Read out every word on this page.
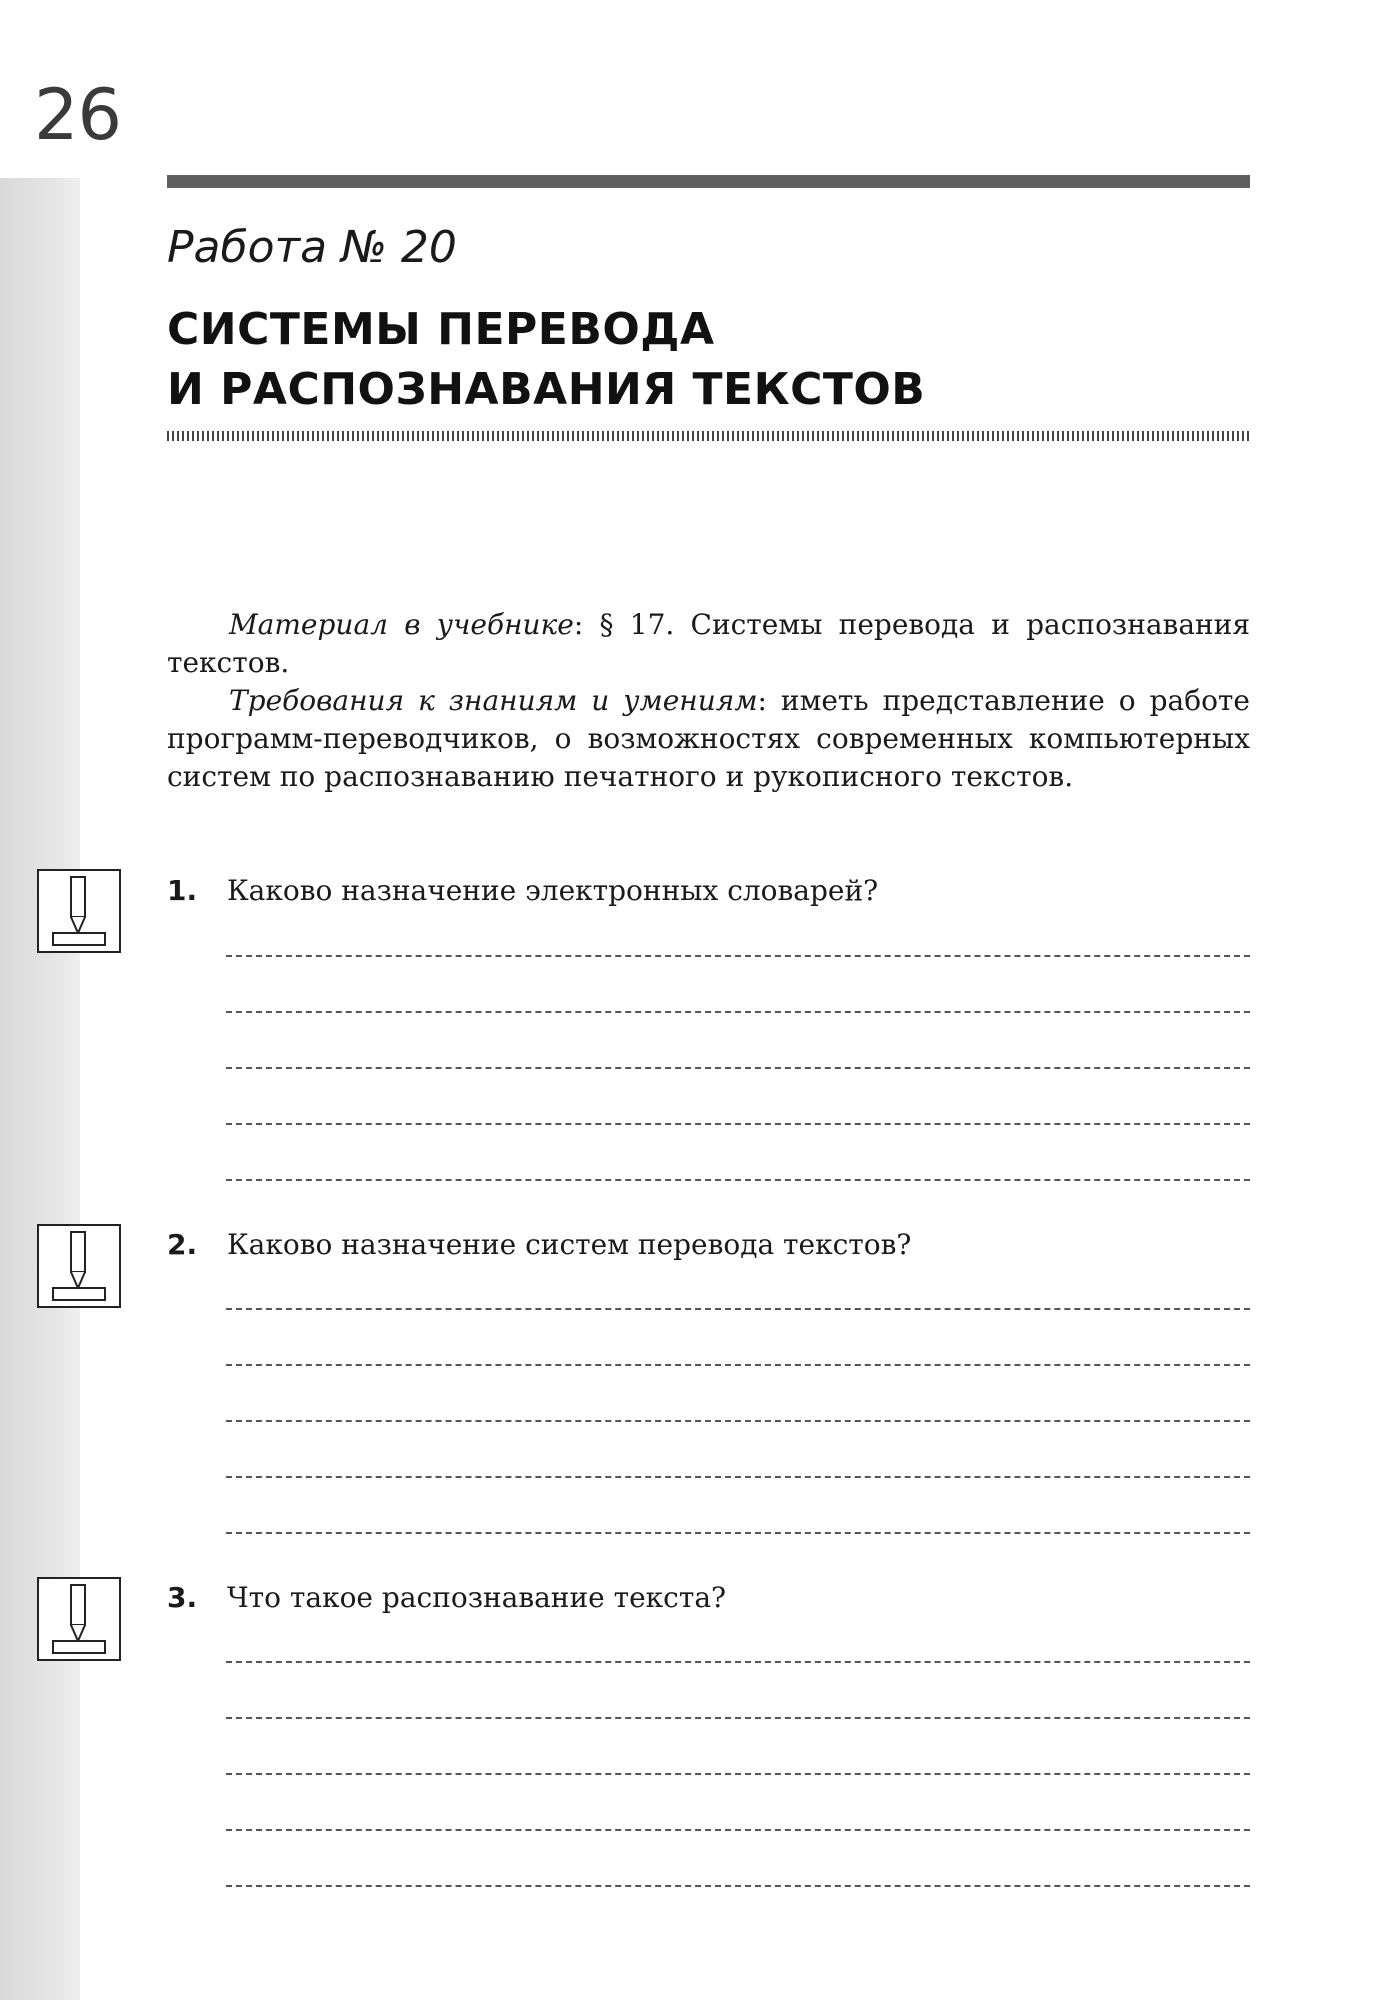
26
Работа № 20
СИСТЕМЫ ПЕРЕВОДА
И РАСПОЗНАВАНИЯ ТЕКСТОВ

Материал в учебнике: § 17. Системы перевода и распознавания текстов.

Требования к знаниям и умениям: иметь представление о работе программ-переводчиков, о возможностях современных компьютерных систем по распознаванию печатного и рукописного текстов.

1. Каково назначение электронных словарей?
2. Каково назначение систем перевода текстов?
3. Что такое распознавание текста?
